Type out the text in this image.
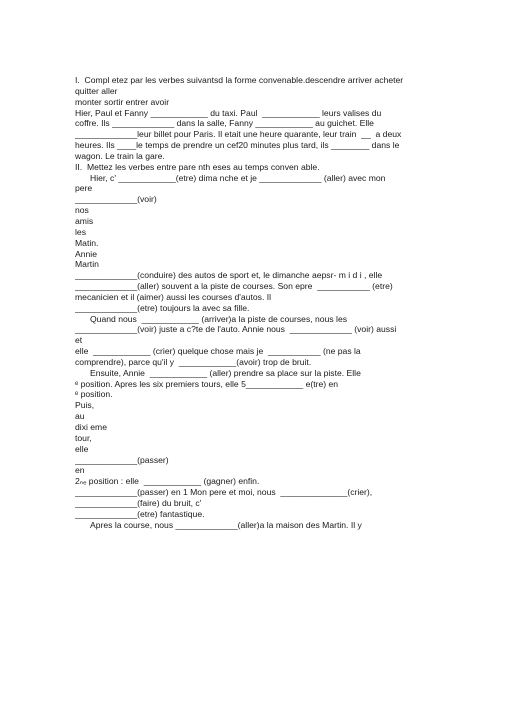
I.  Compl etez par les verbes suivantsd la forme convenable.descendre arriver acheter
quitter aller
monter sortir entrer avoir
Hier, Paul et Fanny ____________ du taxi. Paul  ____________ leurs valises du
coffre. Ils _____________ dans la salle, Fanny ____________ au guichet. Elle
_____________leur billet pour Paris. Il etait une heure quarante, leur train  __  a deux
heures. Ils ____le temps de prendre un cef20 minutes plus tard, ils ________ dans le
wagon. Le train la gare.
II.  Mettez les verbes entre pare nth eses au temps conven able.
Hier, c' ____________(etre) dima nche et je _____________ (aller) avec mon
pere
_____________(voir)
nos
amis
les
Matin.
Annie
Martin
_____________(conduire) des autos de sport et, le dimanche aepsr- m i d i , elle
_____________(aller) souvent a la piste de courses. Son epre  ___________ (etre)
mecanicien et il (aimer) aussi les courses d'autos. Il
_____________(etre) toujours la avec sa fille.
Quand nous  ____________ (arriver)a la piste de courses, nous les
_____________(voir) juste a c?te de l'auto. Annie nous  _____________ (voir) aussi
et
elle  ____________ (crier) quelque chose mais je  ___________ (ne pas la
comprendre), parce qu'il y  ____________(avoir) trop de bruit.
Ensuite, Annie  ____________ (aller) prendre sa place sur la piste. Elle
ᵉ position. Apres les six premiers tours, elle 5____________ e(tre) en
ᵉ position.
Puis,
au
dixi eme
tour,
elle
_____________(passer)
en
2ₙₑ position : elle  ____________ (gagner) enfin.
_____________(passer) en 1 Mon pere et moi, nous  ______________(crier),
_____________(faire) du bruit, c'
_____________(etre) fantastique.
Apres la course, nous _____________(aller)a la maison des Martin. Il y
